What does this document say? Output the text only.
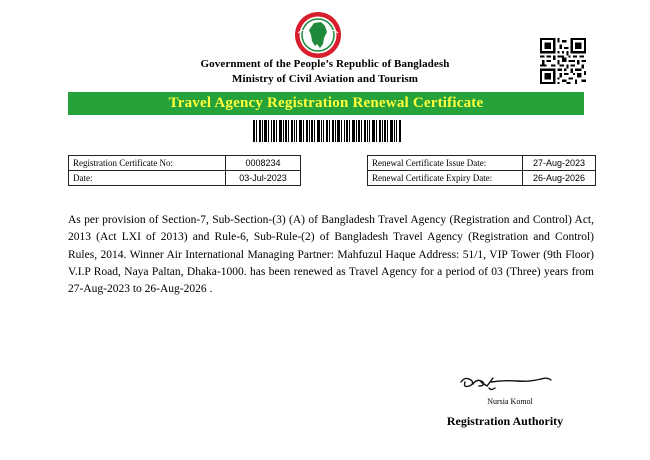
Government of the People’s Republic of Bangladesh
Ministry of Civil Aviation and Tourism
Travel Agency Registration Renewal Certificate
Registration Certificate No:	0008234
Date:	03-Jul-2023
Renewal Certificate Issue Date:	27-Aug-2023
Renewal Certificate Expiry Date:	26-Aug-2026
As per provision of Section-7, Sub-Section-(3) (A) of Bangladesh Travel Agency (Registration and Control) Act, 2013 (Act LXI of 2013) and Rule-6, Sub-Rule-(2) of Bangladesh Travel Agency (Registration and Control) Rules, 2014. Winner Air International Managing Partner: Mahfuzul Haque Address: 51/1, VIP Tower (9th Floor) V.I.P Road, Naya Paltan, Dhaka-1000. has been renewed as Travel Agency for a period of 03 (Three) years from 27-Aug-2023 to 26-Aug-2026 .
Nursia Komol
Registration Authority
